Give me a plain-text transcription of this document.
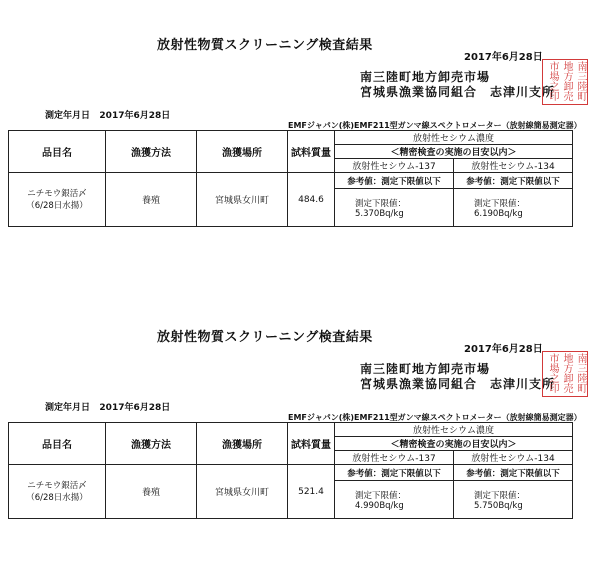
放射性物質スクリーニング検査結果
2017年6月28日
南三陸町地方卸売市場
宮城県漁業協同組合　志津川支所 南三陸町
地方卸売
市場之印
測定年月日 2017年6月28日
EMFジャパン(株)EMF211型ガンマ線スペクトロメーター（放射線簡易測定器）
品目名	漁獲方法	漁獲場所	試料質量	放射性セシウム濃度	
				＜精密検査の実施の目安以内＞	
				放射性セシウム-137	放射性セシウム-134
ニチモウ銀活〆
（6/28日水揚）	養殖	宮城県女川町	484.6	参考値：測定下限値以下	参考値：測定下限値以下
				測定下限値：5.370Bq/kg	測定下限値：6.190Bq/kg
放射性物質スクリーニング検査結果
2017年6月28日
南三陸町地方卸売市場
宮城県漁業協同組合　志津川支所 南三陸町
地方卸売
市場之印
測定年月日 2017年6月28日
EMFジャパン(株)EMF211型ガンマ線スペクトロメーター（放射線簡易測定器）
品目名	漁獲方法	漁獲場所	試料質量	放射性セシウム濃度	
				＜精密検査の実施の目安以内＞	
				放射性セシウム-137	放射性セシウム-134
ニチモウ銀活〆
（6/28日水揚）	養殖	宮城県女川町	521.4	参考値：測定下限値以下	参考値：測定下限値以下
				測定下限値：4.990Bq/kg	測定下限値：5.750Bq/kg
